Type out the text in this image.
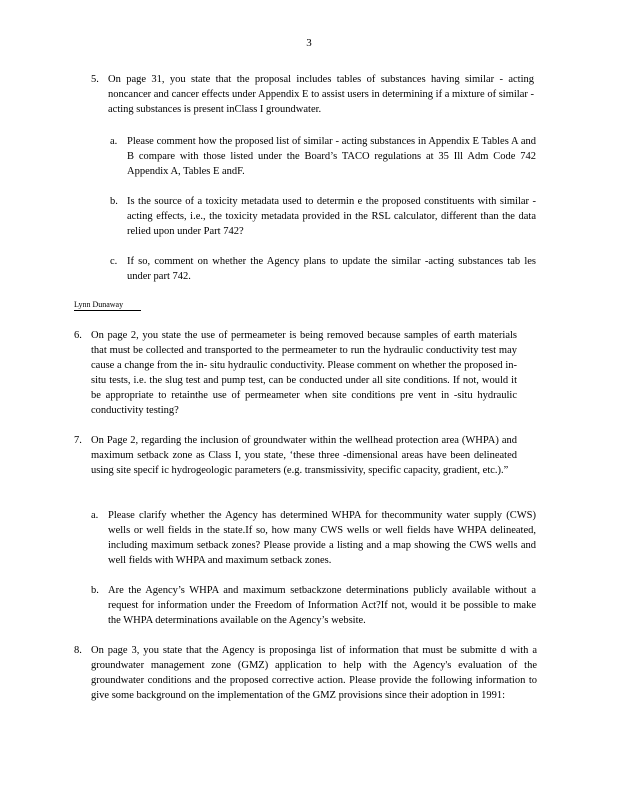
3
5. On page 31, you state that the proposal includes tables of substances having similar - acting noncancer and cancer effects under Appendix E to assist users in determining if a mixture of similar -acting substances is present inClass I groundwater.
a. Please comment how the proposed list of similar - acting substances in Appendix E Tables A and B compare with those listed under the Board’s TACO regulations at 35 Ill Adm Code 742 Appendix A, Tables E andF.
b. Is the source of a toxicity metadata used to determin e the proposed constituents with similar -acting effects, i.e., the toxicity metadata provided in the RSL calculator, different than the data relied upon under Part 742?
c. If so, comment on whether the Agency plans to update the similar -acting substances tab les under part 742.
Lynn Dunaway
6. On page 2, you state the use of permeameter is being removed because samples of earth materials that must be collected and transported to the permeameter to run the hydraulic conductivity test may cause a change from the in- situ hydraulic conductivity. Please comment on whether the proposed in-situ tests, i.e. the slug test and pump test, can be conducted under all site conditions. If not, would it be appropriate to retainthe use of permeameter when site conditions pre vent in -situ hydraulic conductivity testing?
7. On Page 2, regarding the inclusion of groundwater within the wellhead protection area (WHPA) and maximum setback zone as Class I, you state, ‘these three -dimensional areas have been delineated using site specif ic hydrogeologic parameters (e.g. transmissivity, specific capacity, gradient, etc.).”
a. Please clarify whether the Agency has determined WHPA for thecommunity water supply (CWS) wells or well fields in the state.If so, how many CWS wells or well fields have WHPA delineated, including maximum setback zones? Please provide a listing and a map showing the CWS wells and well fields with WHPA and maximum setback zones.
b. Are the Agency’s WHPA and maximum setbackzone determinations publicly available without a request for information under the Freedom of Information Act?If not, would it be possible to make the WHPA determinations available on the Agency’s website.
8. On page 3, you state that the Agency is proposinga list of information that must be submitte d with a groundwater management zone (GMZ) application to help with the Agency's evaluation of the groundwater conditions and the proposed corrective action. Please provide the following information to give some background on the implementation of the GMZ provisions since their adoption in 1991:
